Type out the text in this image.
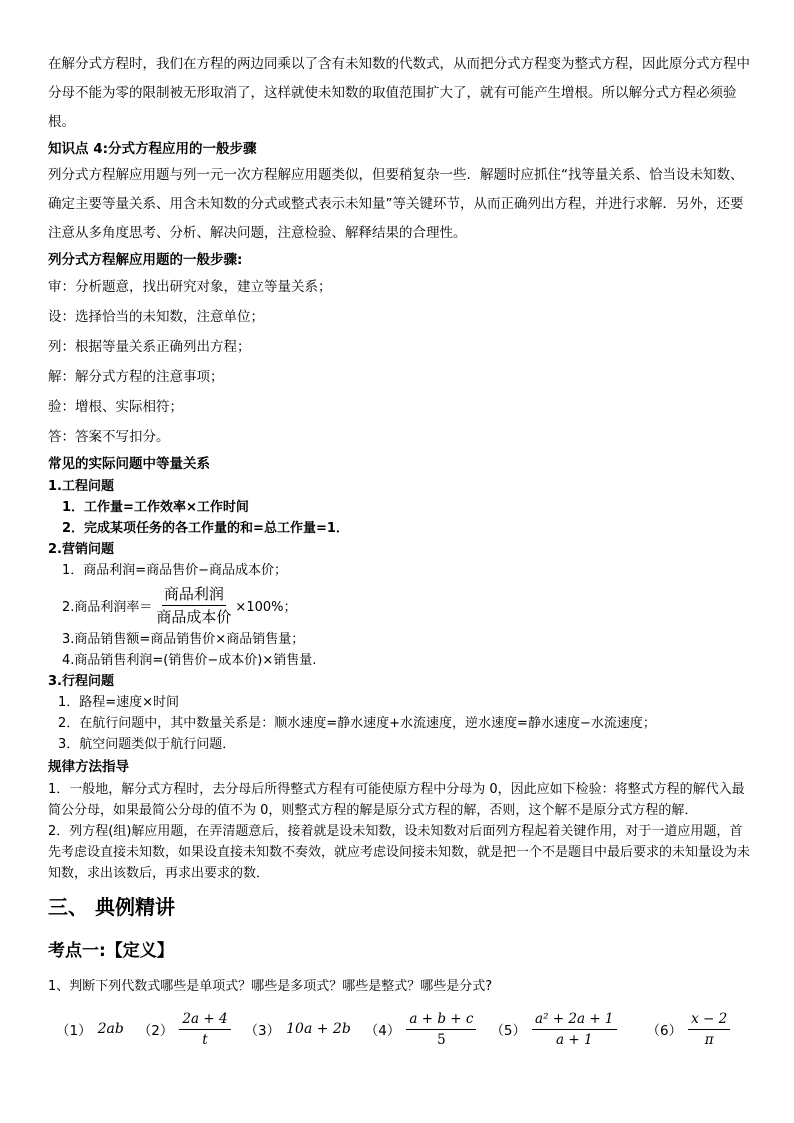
在解分式方程时，我们在方程的两边同乘以了含有未知数的代数式，从而把分式方程变为整式方程，因此原分式方程中分母不能为零的限制被无形取消了，这样就使未知数的取值范围扩大了，就有可能产生增根。所以解分式方程必须验根。

知识点 4:分式方程应用的一般步骤

列分式方程解应用题与列一元一次方程解应用题类似，但要稍复杂一些．解题时应抓住“找等量关系、恰当设未知数、确定主要等量关系、用含未知数的分式或整式表示未知量”等关键环节，从而正确列出方程，并进行求解．另外，还要注意从多角度思考、分析、解决问题，注意检验、解释结果的合理性。

列分式方程解应用题的一般步骤:

审：分析题意，找出研究对象，建立等量关系；

设：选择恰当的未知数，注意单位；

列：根据等量关系正确列出方程；

解：解分式方程的注意事项；

验：增根、实际相符；

答：答案不写扣分。

常见的实际问题中等量关系

1.工程问题

1．工作量=工作效率×工作时间

2．完成某项任务的各工作量的和=总工作量=1．

2.营销问题

1．商品利润=商品售价−商品成本价；

2.商品利润率＝ $\frac{\text{商品利润}}{\text{商品成本价}} \times 100\%$；

3.商品销售额=商品销售价×商品销售量；

4.商品销售利润=(销售价−成本价)×销售量.

3.行程问题

1．路程=速度×时间

2．在航行问题中，其中数量关系是：顺水速度=静水速度+水流速度，逆水速度=静水速度−水流速度；

3．航空问题类似于航行问题．

规律方法指导

1．一般地，解分式方程时，去分母后所得整式方程有可能使原方程中分母为 0，因此应如下检验：将整式方程的解代入最简公分母，如果最简公分母的值不为 0，则整式方程的解是原分式方程的解，否则，这个解不是原分式方程的解．

2．列方程(组)解应用题，在弄清题意后，接着就是设未知数，设未知数对后面列方程起着关键作用，对于一道应用题，首先考虑设直接未知数，如果设直接未知数不奏效，就应考虑设间接未知数，就是把一个不是题目中最后要求的未知量设为未知数，求出该数后，再求出要求的数．

三、 典例精讲

考点一:【定义】

1、判断下列代数式哪些是单项式？哪些是多项式？哪些是整式？哪些是分式?

（1） 2ab $(2) \frac{2a + 4}{t} (3) 10a + 2b$ $(4) \frac{a + b + c}{5} (5) \frac{\text{a² + 2a + 1}}{a + 1} (6) \frac{x - 2}{\pi}$
